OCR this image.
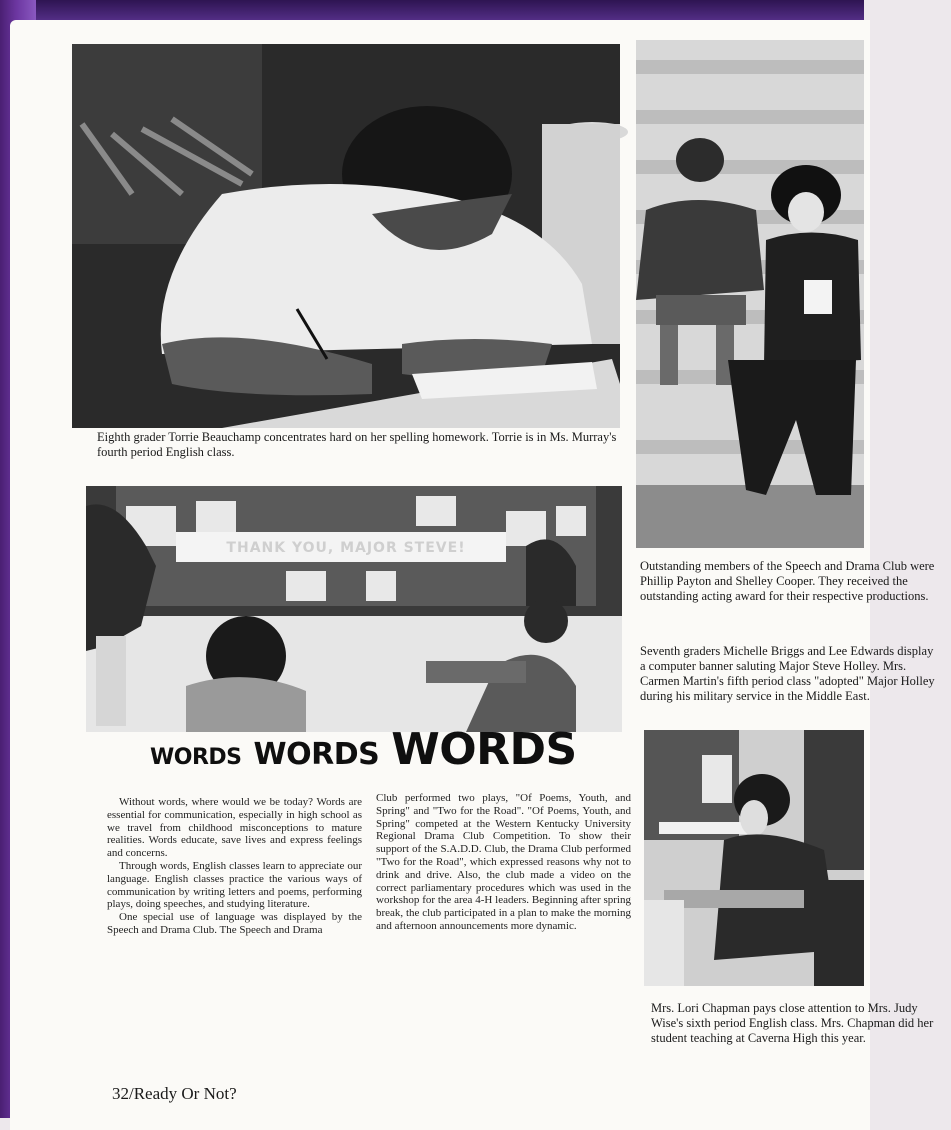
Eighth grader Torrie Beauchamp concentrates hard on her spelling homework. Torrie is in Ms. Murray's fourth period English class.
Outstanding members of the Speech and Drama Club were Phillip Payton and Shelley Cooper. They received the outstanding acting award for their respective productions.
THANK YOU, MAJOR STEVE!
Seventh graders Michelle Briggs and Lee Edwards display a computer banner saluting Major Steve Holley. Mrs. Carmen Martin's fifth period class "adopted" Major Holley during his military service in the Middle East.
WORDS WORDS WORDS

Without words, where would we be today? Words are essential for communication, especially in high school as we travel from childhood misconceptions to mature realities. Words educate, save lives and express feelings and concerns.

Through words, English classes learn to appreciate our language. English classes practice the various ways of communication by writing letters and poems, performing plays, doing speeches, and studying literature.

One special use of language was displayed by the Speech and Drama Club. The Speech and Drama

Club performed two plays, "Of Poems, Youth, and Spring" and "Two for the Road". "Of Poems, Youth, and Spring" competed at the Western Kentucky University Regional Drama Club Competition. To show their support of the S.A.D.D. Club, the Drama Club performed "Two for the Road", which expressed reasons why not to drink and drive. Also, the club made a video on the correct parliamentary procedures which was used in the workshop for the area 4-H leaders. Beginning after spring break, the club participated in a plan to make the morning and afternoon announcements more dynamic.

Mrs. Lori Chapman pays close attention to Mrs. Judy Wise's sixth period English class. Mrs. Chapman did her student teaching at Caverna High this year.
32/Ready Or Not?
